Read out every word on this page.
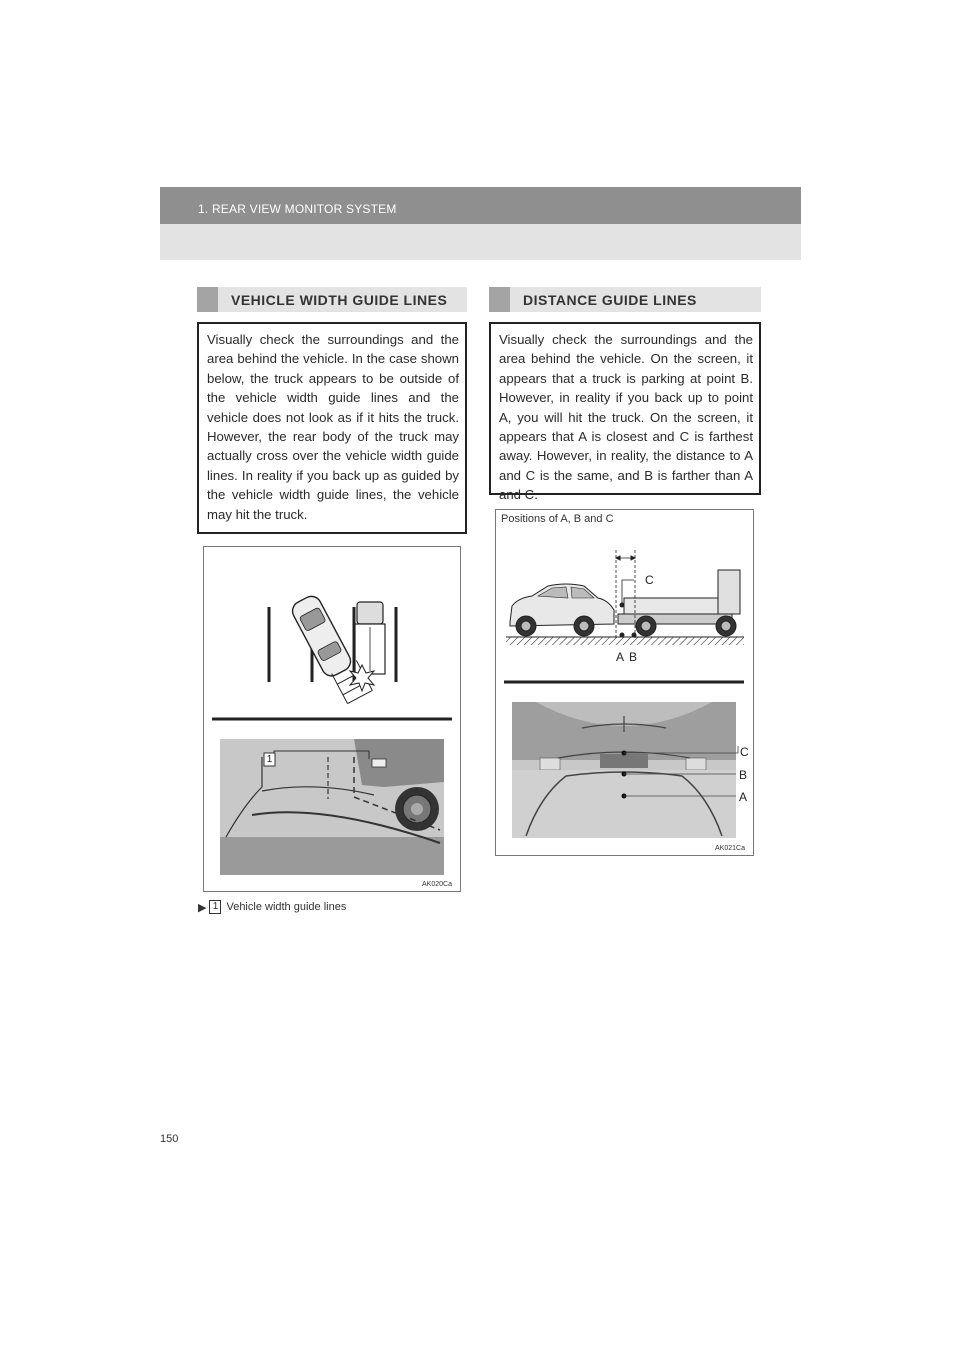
1. REAR VIEW MONITOR SYSTEM
VEHICLE WIDTH GUIDE LINES
Visually check the surroundings and the area behind the vehicle. In the case shown below, the truck appears to be outside of the vehicle width guide lines and the vehicle does not look as if it hits the truck. However, the rear body of the truck may actually cross over the vehicle width guide lines. In reality if you back up as guided by the vehicle width guide lines, the vehicle may hit the truck.
1
AK020Ca
▶ 1 Vehicle width guide lines
DISTANCE GUIDE LINES
Visually check the surroundings and the area behind the vehicle. On the screen, it appears that a truck is parking at point B. However, in reality if you back up to point A, you will hit the truck. On the screen, it appears that A is closest and C is farthest away. However, in reality, the distance to A and C is the same, and B is farther than A and C.
C
A B
C
B
A
AK021Ca
Positions of A, B and C
150
